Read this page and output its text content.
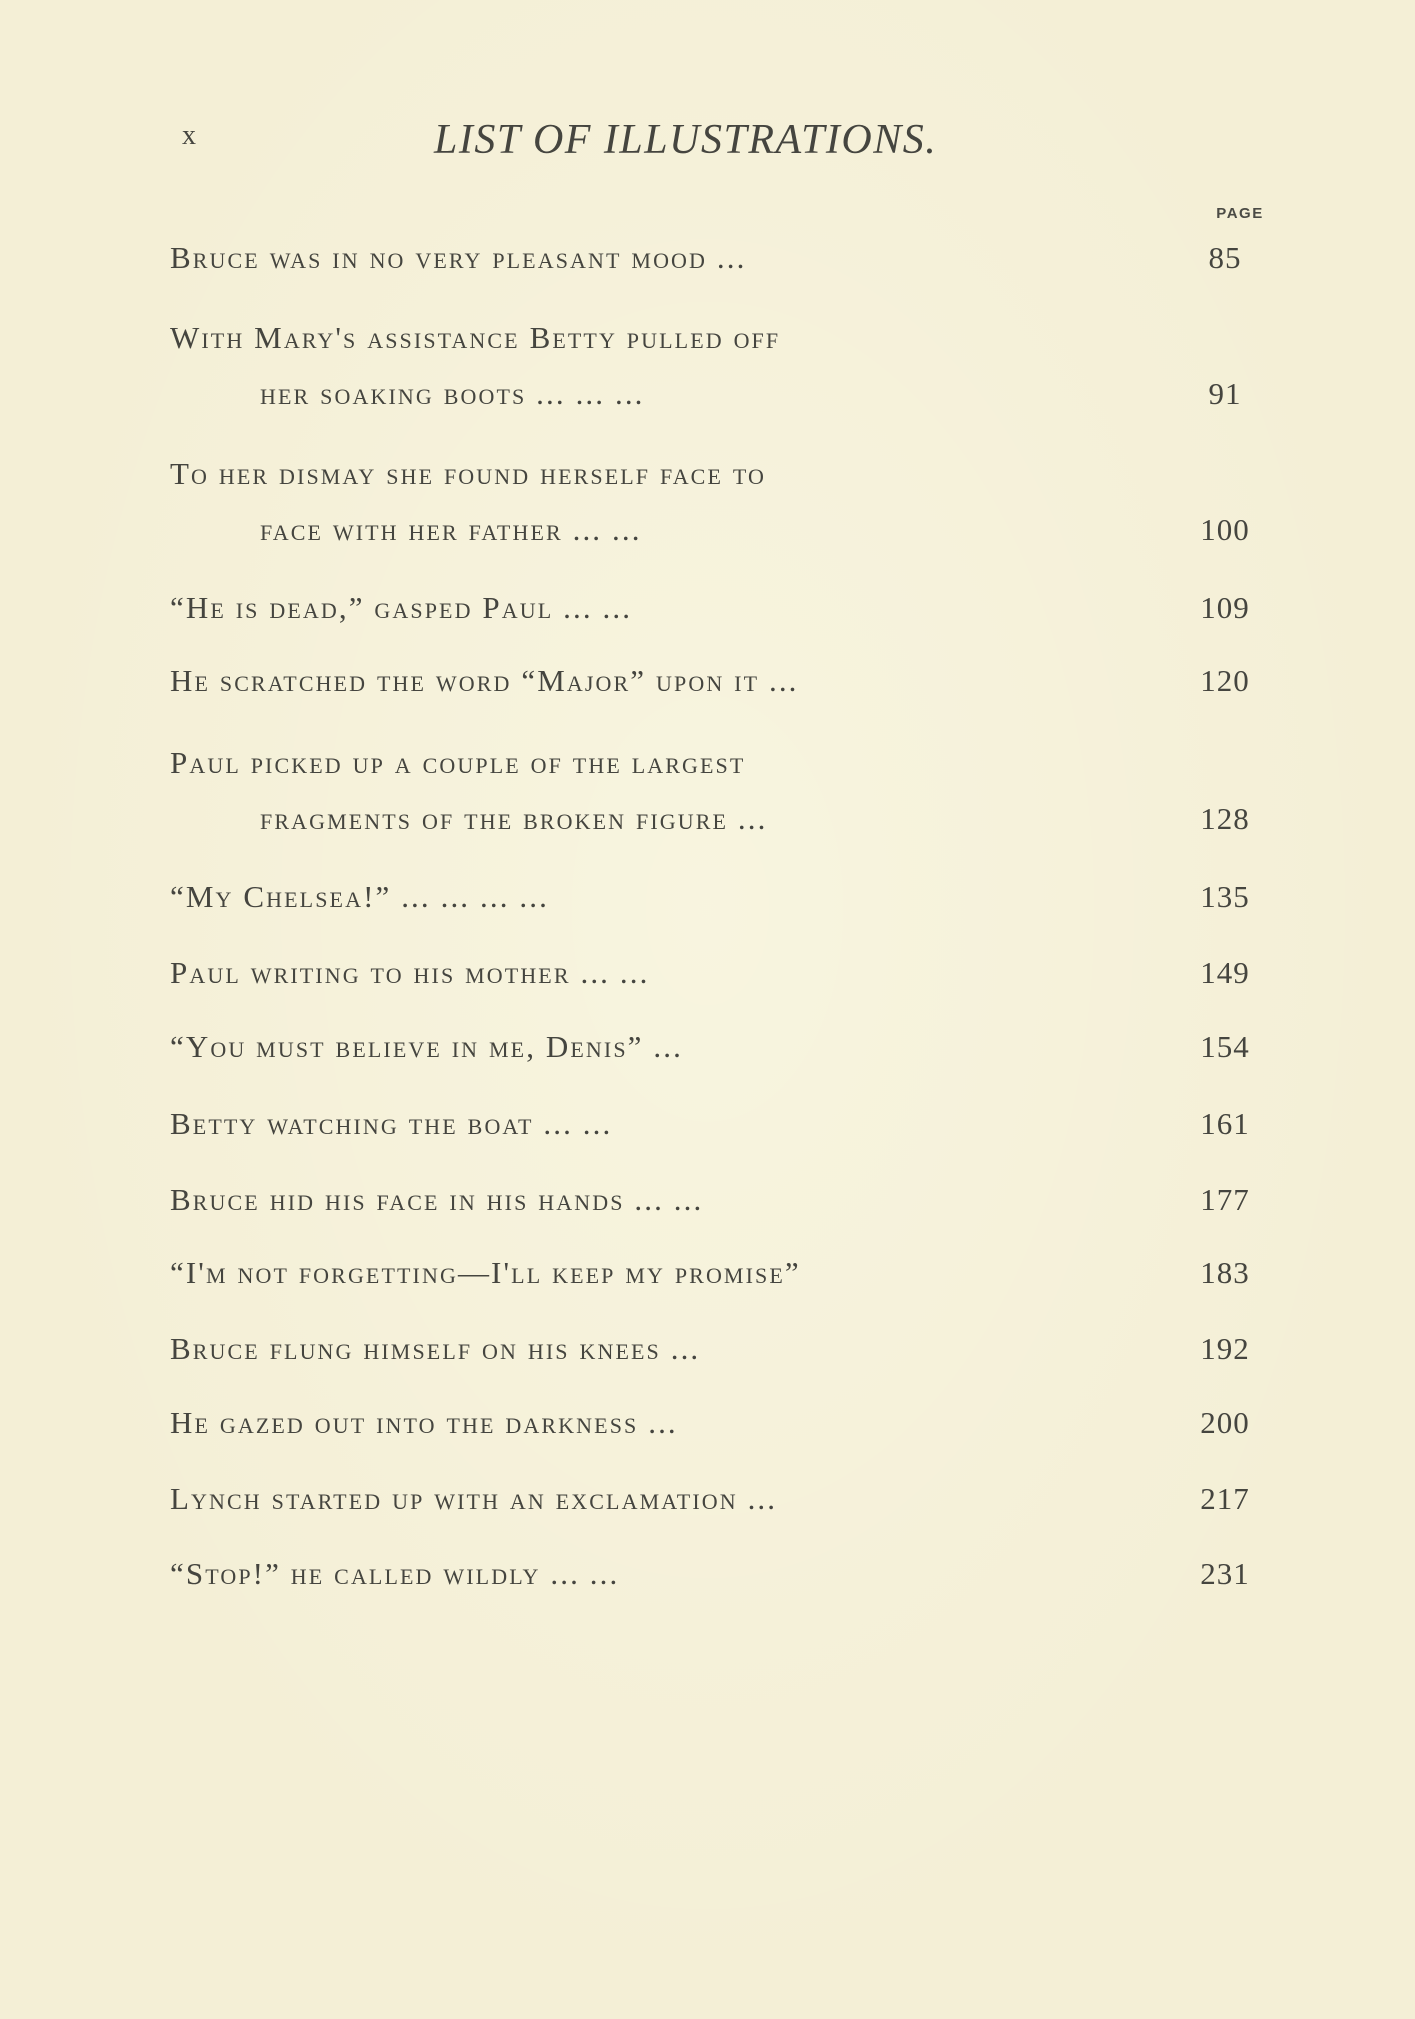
x	LIST OF ILLUSTRATIONS.
PAGE
Bruce was in no very pleasant mood ...	85
With Mary's assistance Betty pulled off
her soaking boots ... ... ...	91
To her dismay she found herself face to
face with her father ... ...	100
“He is dead,” gasped Paul ... ...	109
He scratched the word “Major” upon it ...	120
Paul picked up a couple of the largest
fragments of the broken figure ...	128
“My Chelsea!” ... ... ... ...	135
Paul writing to his mother ... ...	149
“You must believe in me, Denis” ...	154
Betty watching the boat ... ...	161
Bruce hid his face in his hands ... ...	177
“I'm not forgetting—I'll keep my promise”	183
Bruce flung himself on his knees ...	192
He gazed out into the darkness ...	200
Lynch started up with an exclamation ...	217
“Stop!” he called wildly ... ...	231
